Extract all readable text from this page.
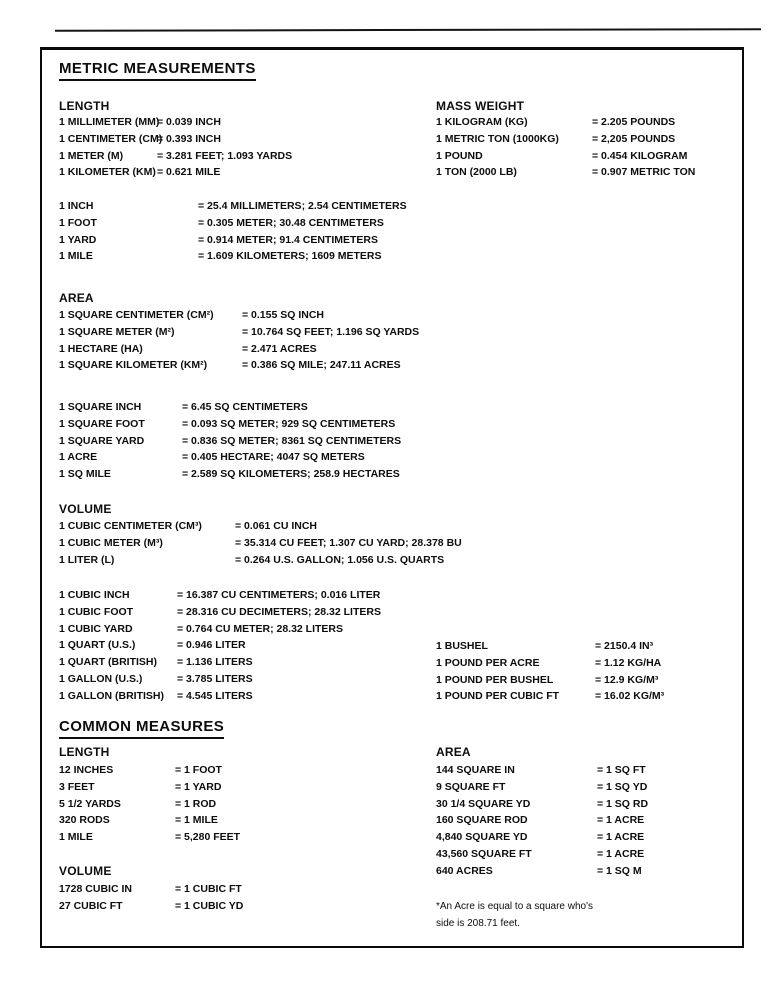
METRIC MEASUREMENTS
LENGTH
1 MILLIMETER (MM)
= 0.039 INCH
1 CENTIMETER (CM)
= 0.393 INCH
1 METER (M)	= 3.281 FEET; 1.093 YARDS
1 KILOMETER (KM) = 0.621 MILE
MASS WEIGHT
1 KILOGRAM (KG)	= 2.205 POUNDS
1 METRIC TON (1000KG)	= 2,205 POUNDS
1 POUND	= 0.454 KILOGRAM
1 TON (2000 LB)	= 0.907 METRIC TON
1 INCH	= 25.4 MILLIMETERS; 2.54 CENTIMETERS
1 FOOT	= 0.305 METER; 30.48 CENTIMETERS
1 YARD	= 0.914 METER; 91.4 CENTIMETERS
1 MILE	= 1.609 KILOMETERS; 1609 METERS
AREA
1 SQUARE CENTIMETER (CM²)	= 0.155 SQ INCH
1 SQUARE METER (M²)	= 10.764 SQ FEET; 1.196 SQ YARDS
1 HECTARE (HA)	= 2.471 ACRES
1 SQUARE KILOMETER (KM²)	= 0.386 SQ MILE; 247.11 ACRES
1 SQUARE INCH	= 6.45 SQ CENTIMETERS
1 SQUARE FOOT	= 0.093 SQ METER; 929 SQ CENTIMETERS
1 SQUARE YARD	= 0.836 SQ METER; 8361 SQ CENTIMETERS
1 ACRE	= 0.405 HECTARE; 4047 SQ METERS
1 SQ MILE	= 2.589 SQ KILOMETERS; 258.9 HECTARES
VOLUME
1 CUBIC CENTIMETER (CM³)	= 0.061 CU INCH
1 CUBIC METER (M³)	= 35.314 CU FEET; 1.307 CU YARD; 28.378 BU
1 LITER (L)	= 0.264 U.S. GALLON; 1.056 U.S. QUARTS
1 CUBIC INCH	= 16.387 CU CENTIMETERS; 0.016 LITER
1 CUBIC FOOT	= 28.316 CU DECIMETERS; 28.32 LITERS
1 CUBIC YARD	= 0.764 CU METER; 28.32 LITERS
1 QUART (U.S.)	= 0.946 LITER
1 QUART (BRITISH)	= 1.136 LITERS
1 GALLON (U.S.)	= 3.785 LITERS
1 GALLON (BRITISH)	= 4.545 LITERS
1 BUSHEL	= 2150.4 IN³
1 POUND PER ACRE	= 1.12 KG/HA
1 POUND PER BUSHEL	= 12.9 KG/M³
1 POUND PER CUBIC FT	= 16.02 KG/M³
COMMON MEASURES
LENGTH
12 INCHES	= 1 FOOT
3 FEET	= 1 YARD
5 1/2 YARDS	= 1 ROD
320 RODS	= 1 MILE
1 MILE	= 5,280 FEET
VOLUME
1728 CUBIC IN	= 1 CUBIC FT
27 CUBIC FT	= 1 CUBIC YD
AREA
144 SQUARE IN	= 1 SQ FT
9 SQUARE FT	= 1 SQ YD
30 1/4 SQUARE YD	= 1 SQ RD
160 SQUARE ROD	= 1 ACRE
4,840 SQUARE YD	= 1 ACRE
43,560 SQUARE FT	= 1 ACRE
640 ACRES	= 1 SQ M
*An Acre is equal to a square who's
side is 208.71 feet.
